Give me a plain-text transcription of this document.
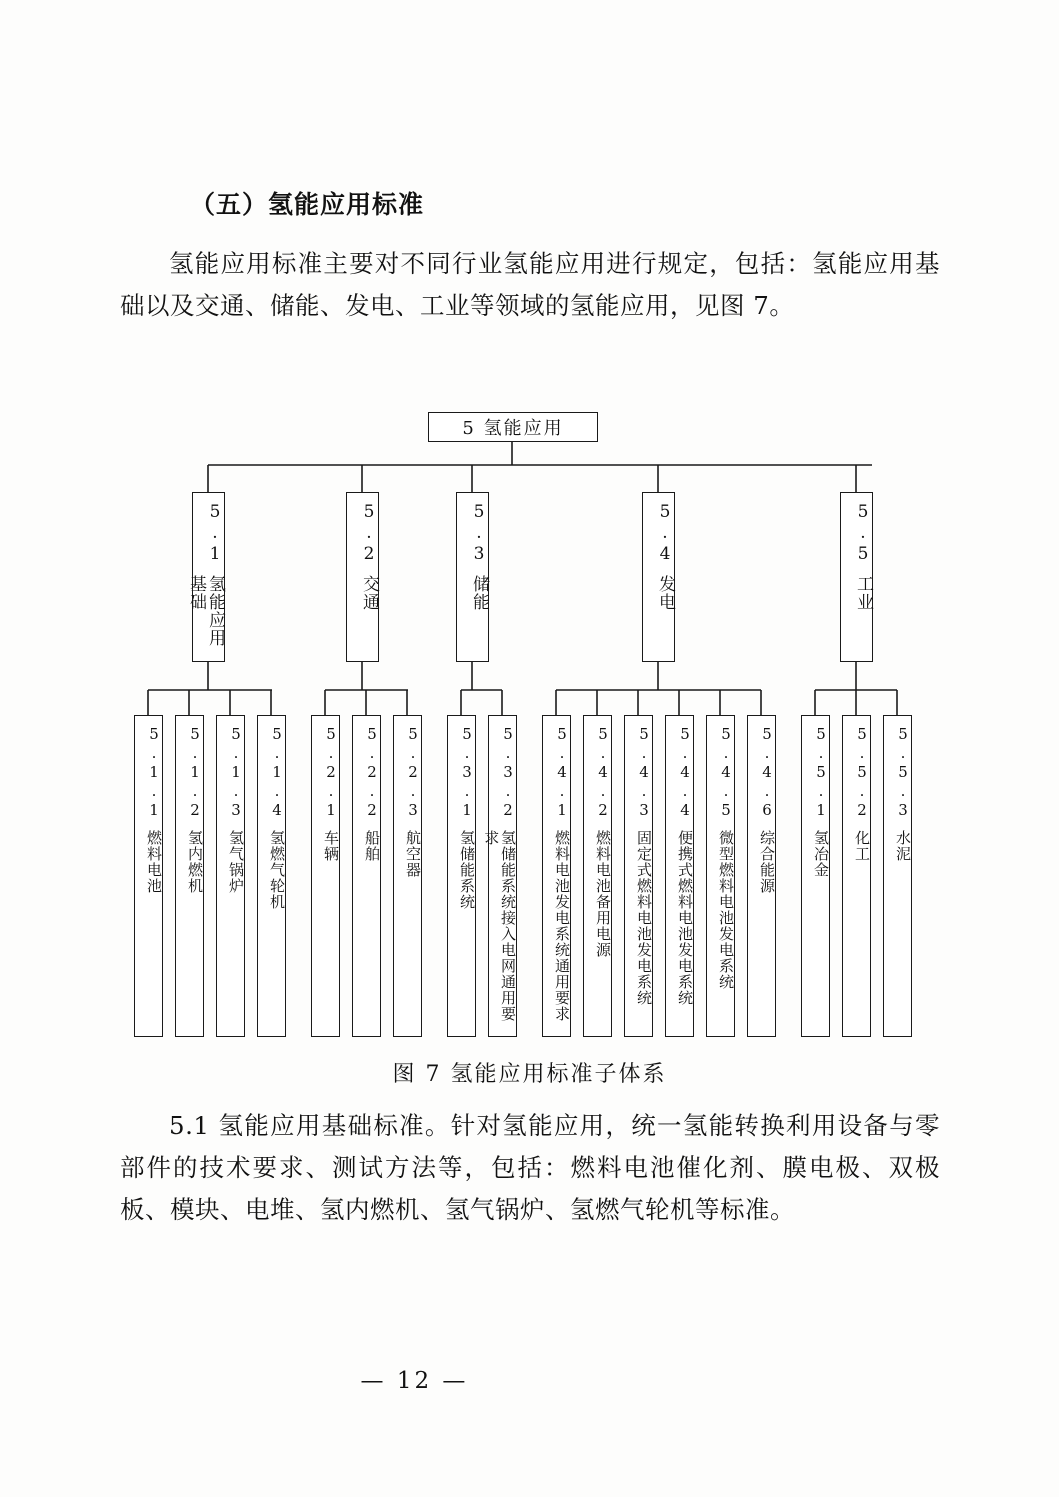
（五）氢能应用标准

氢能应用标准主要对不同行业氢能应用进行规定，包括：氢能应用基础以及交通、储能、发电、工业等领域的氢能应用，见图 7。

5 氢能应用
5.1
氢能应用基础
5.2
交通
5.3
储能
5.4
发电
5.5
工业
5.1.1
燃料电池
5.1.2
氢内燃机
5.1.3
氢气锅炉
5.1.4
氢燃气轮机
5.2.1
车辆
5.2.2
船舶
5.2.3
航空器
5.3.1
氢储能系统
5.3.2
氢储能系统接入电网通用要求
5.4.1
燃料电池发电系统通用要求
5.4.2
燃料电池备用电源
5.4.3
固定式燃料电池发电系统
5.4.4
便携式燃料电池发电系统
5.4.5
微型燃料电池发电系统
5.4.6
综合能源
5.5.1
氢冶金
5.5.2
化工
5.5.3
水泥
图 7 氢能应用标准子体系

5.1 氢能应用基础标准。针对氢能应用，统一氢能转换利用设备与零部件的技术要求、测试方法等，包括：燃料电池催化剂、膜电极、双极板、模块、电堆、氢内燃机、氢气锅炉、氢燃气轮机等标准。

— 12 —
